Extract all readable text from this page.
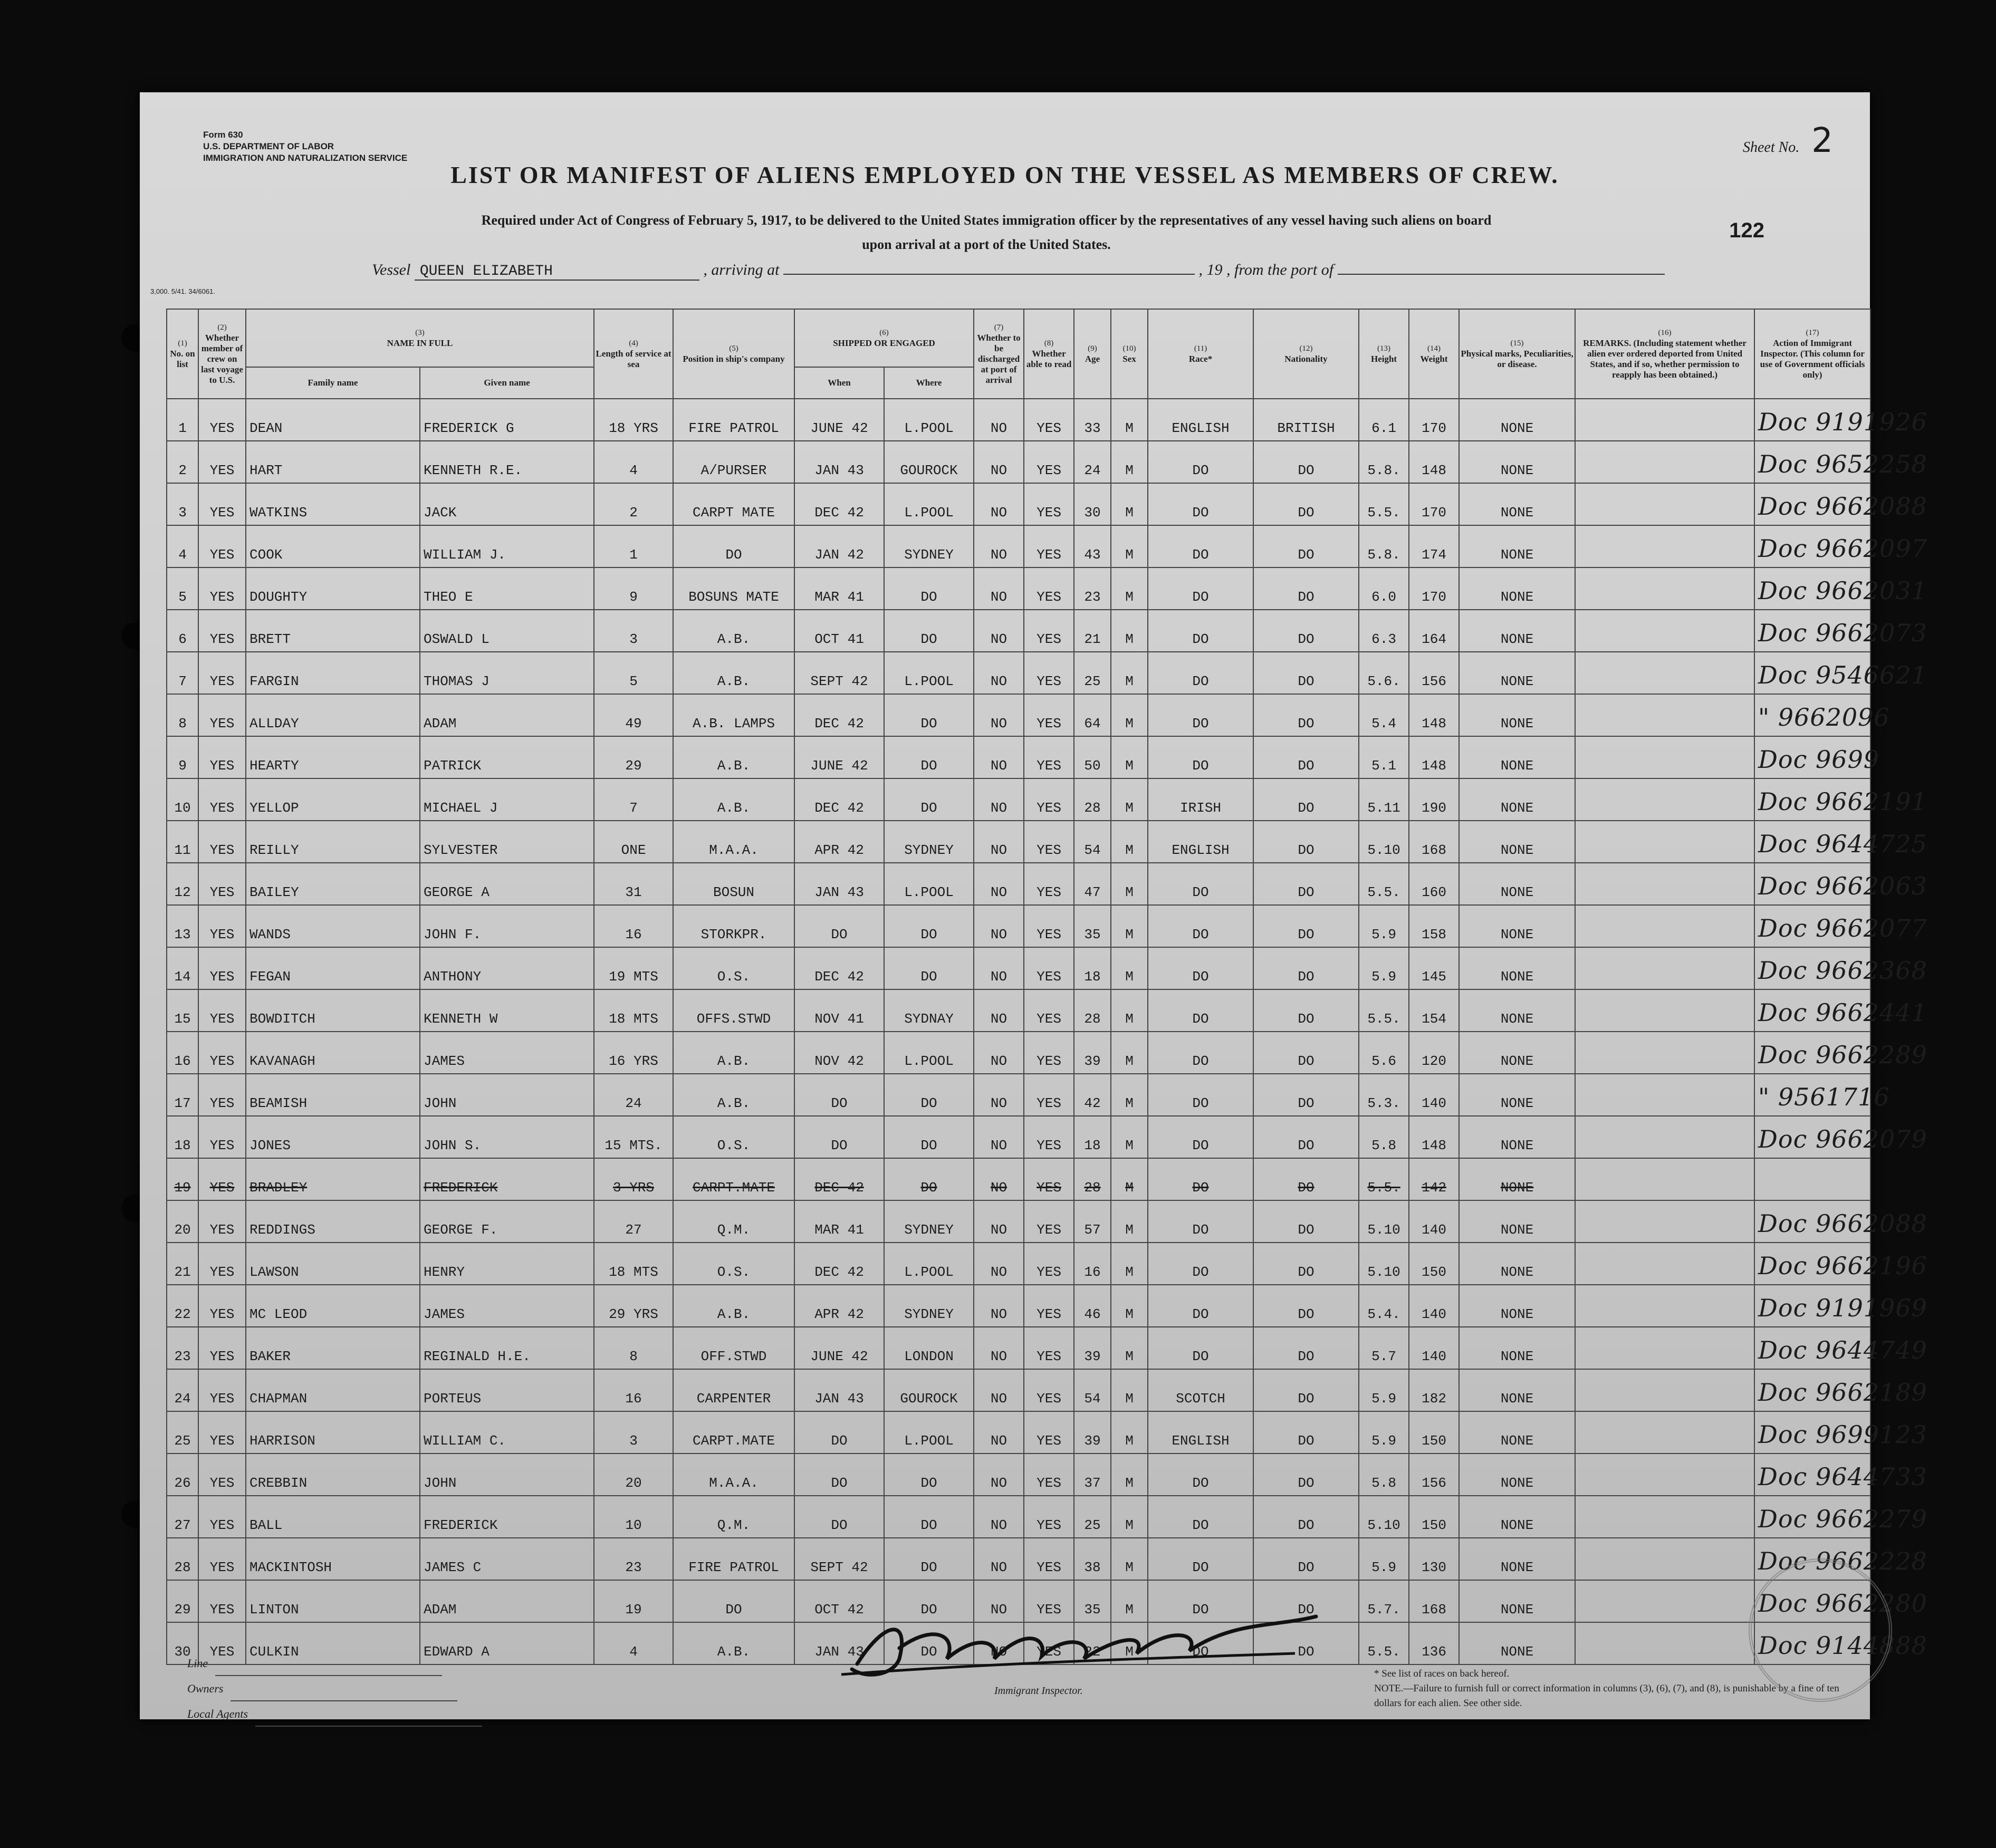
Form 630
U.S. DEPARTMENT OF LABOR
IMMIGRATION AND NATURALIZATION SERVICE
Sheet No. 2
LIST OR MANIFEST OF ALIENS EMPLOYED ON THE VESSEL AS MEMBERS OF CREW.
Required under Act of Congress of February 5, 1917, to be delivered to the United States immigration officer by the representatives of any vessel having such aliens on board
upon arrival at a port of the United States.
122
Vessel QUEEN ELIZABETH	, arriving at	, 19 , from the port of
3,000. 5/41. 34/6061.
(1)
No. on list	(2)
Whether member of crew on last voyage to U.S.	(3)
NAME IN FULL		(4)
Length of service at sea	(5)
Position in ship's company	(6)
SHIPPED OR ENGAGED		(7)
Whether to be discharged at port of arrival	(8)
Whether able to read	(9)
Age	(10)
Sex	(11)
Race*	(12)
Nationality	(13)
Height	(14)
Weight	(15)
Physical marks, Peculiarities, or disease.	(16)
REMARKS. (Including statement whether alien ever ordered deported from United States, and if so, whether permission to reapply has been obtained.)	(17)
Action of Immigrant Inspector. (This column for use of Government officials only)
		Family name	Given name			When	Where											
1	YES	DEAN	FREDERICK G	18 YRS	FIRE PATROL	JUNE 42	L.POOL	NO	YES	33	M	ENGLISH	BRITISH	6.1	170	NONE		Doc 9191926
2	YES	HART	KENNETH R.E.	4	A/PURSER	JAN 43	GOUROCK	NO	YES	24	M	DO	DO	5.8.	148	NONE		Doc 9652258
3	YES	WATKINS	JACK	2	CARPT MATE	DEC 42	L.POOL	NO	YES	30	M	DO	DO	5.5.	170	NONE		Doc 9662088
4	YES	COOK	WILLIAM J.	1	DO	JAN 42	SYDNEY	NO	YES	43	M	DO	DO	5.8.	174	NONE		Doc 9662097
5	YES	DOUGHTY	THEO E	9	BOSUNS MATE	MAR 41	DO	NO	YES	23	M	DO	DO	6.0	170	NONE		Doc 9662031
6	YES	BRETT	OSWALD L	3	A.B.	OCT 41	DO	NO	YES	21	M	DO	DO	6.3	164	NONE		Doc 9662073
7	YES	FARGIN	THOMAS J	5	A.B.	SEPT 42	L.POOL	NO	YES	25	M	DO	DO	5.6.	156	NONE		Doc 9546621
8	YES	ALLDAY	ADAM	49	A.B. LAMPS	DEC 42	DO	NO	YES	64	M	DO	DO	5.4	148	NONE		" 9662096
9	YES	HEARTY	PATRICK	29	A.B.	JUNE 42	DO	NO	YES	50	M	DO	DO	5.1	148	NONE		Doc 9699
10	YES	YELLOP	MICHAEL J	7	A.B.	DEC 42	DO	NO	YES	28	M	IRISH	DO	5.11	190	NONE		Doc 9662191
11	YES	REILLY	SYLVESTER	ONE	M.A.A.	APR 42	SYDNEY	NO	YES	54	M	ENGLISH	DO	5.10	168	NONE		Doc 9644725
12	YES	BAILEY	GEORGE A	31	BOSUN	JAN 43	L.POOL	NO	YES	47	M	DO	DO	5.5.	160	NONE		Doc 9662063
13	YES	WANDS	JOHN F.	16	STORKPR.	DO	DO	NO	YES	35	M	DO	DO	5.9	158	NONE		Doc 9662077
14	YES	FEGAN	ANTHONY	19 MTS	O.S.	DEC 42	DO	NO	YES	18	M	DO	DO	5.9	145	NONE		Doc 9662368
15	YES	BOWDITCH	KENNETH W	18 MTS	OFFS.STWD	NOV 41	SYDNAY	NO	YES	28	M	DO	DO	5.5.	154	NONE		Doc 9662441
16	YES	KAVANAGH	JAMES	16 YRS	A.B.	NOV 42	L.POOL	NO	YES	39	M	DO	DO	5.6	120	NONE		Doc 9662289
17	YES	BEAMISH	JOHN	24	A.B.	DO	DO	NO	YES	42	M	DO	DO	5.3.	140	NONE		" 9561716
18	YES	JONES	JOHN S.	15 MTS.	O.S.	DO	DO	NO	YES	18	M	DO	DO	5.8	148	NONE		Doc 9662079
19	YES	BRADLEY	FREDERICK	3 YRS	CARPT.MATE	DEC 42	DO	NO	YES	28	M	DO	DO	5.5.	142	NONE		
20	YES	REDDINGS	GEORGE F.	27	Q.M.	MAR 41	SYDNEY	NO	YES	57	M	DO	DO	5.10	140	NONE		Doc 9662088
21	YES	LAWSON	HENRY	18 MTS	O.S.	DEC 42	L.POOL	NO	YES	16	M	DO	DO	5.10	150	NONE		Doc 9662196
22	YES	MC LEOD	JAMES	29 YRS	A.B.	APR 42	SYDNEY	NO	YES	46	M	DO	DO	5.4.	140	NONE		Doc 9191969
23	YES	BAKER	REGINALD H.E.	8	OFF.STWD	JUNE 42	LONDON	NO	YES	39	M	DO	DO	5.7	140	NONE		Doc 9644749
24	YES	CHAPMAN	PORTEUS	16	CARPENTER	JAN 43	GOUROCK	NO	YES	54	M	SCOTCH	DO	5.9	182	NONE		Doc 9662189
25	YES	HARRISON	WILLIAM C.	3	CARPT.MATE	DO	L.POOL	NO	YES	39	M	ENGLISH	DO	5.9	150	NONE		Doc 9699123
26	YES	CREBBIN	JOHN	20	M.A.A.	DO	DO	NO	YES	37	M	DO	DO	5.8	156	NONE		Doc 9644733
27	YES	BALL	FREDERICK	10	Q.M.	DO	DO	NO	YES	25	M	DO	DO	5.10	150	NONE		Doc 9662279
28	YES	MACKINTOSH	JAMES C	23	FIRE PATROL	SEPT 42	DO	NO	YES	38	M	DO	DO	5.9	130	NONE		Doc 9662228
29	YES	LINTON	ADAM	19	DO	OCT 42	DO	NO	YES	35	M	DO	DO	5.7.	168	NONE		Doc 9662280
30	YES	CULKIN	EDWARD A	4	A.B.	JAN 43	DO	NO	YES	22	M	DO	DO	5.5.	136	NONE		Doc 9144888
Line
Owners
Local Agents
Immigrant Inspector.
* See list of races on back hereof.
NOTE.—Failure to furnish full or correct information in columns (3), (6), (7), and (8), is punishable by a fine of ten dollars for each alien. See other side.
